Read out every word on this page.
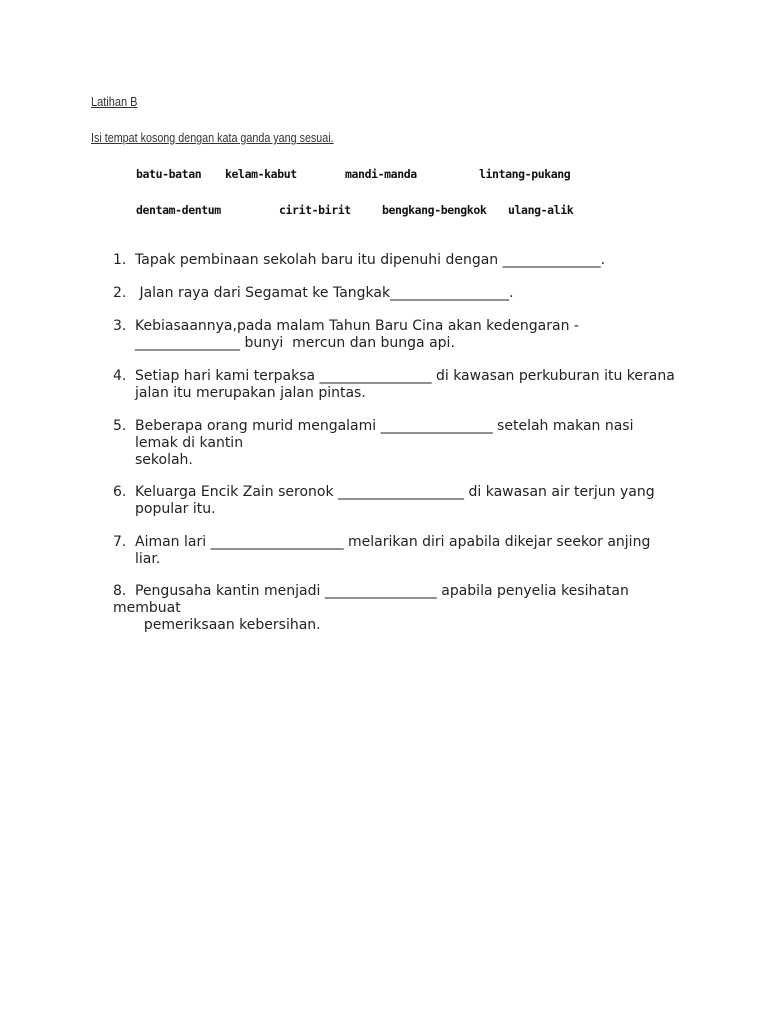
Latihan B
Isi tempat kosong dengan kata ganda yang sesuai.
batu-batan kelam-kabut	mandi-manda	lintang-pukang
dentam-dentum	cirit-birit	bengkang-bengkok ulang-alik
1. Tapak pembinaan sekolah baru itu dipenuhi dengan ______________.
2. Jalan raya dari Segamat ke Tangkak_________________.
3. Kebiasaannya,pada malam Tahun Baru Cina akan kedengaran -
_______________ bunyi  mercun dan bunga api.
4. Setiap hari kami terpaksa ________________ di kawasan perkuburan itu kerana
jalan itu merupakan jalan pintas.
5. Beberapa orang murid mengalami ________________ setelah makan nasi
lemak di kantin
sekolah.
6. Keluarga Encik Zain seronok __________________ di kawasan air terjun yang
popular itu.
7. Aiman lari ___________________ melarikan diri apabila dikejar seekor anjing
liar.
8. Pengusaha kantin menjadi ________________ apabila penyelia kesihatan
membuat
pemeriksaan kebersihan.
